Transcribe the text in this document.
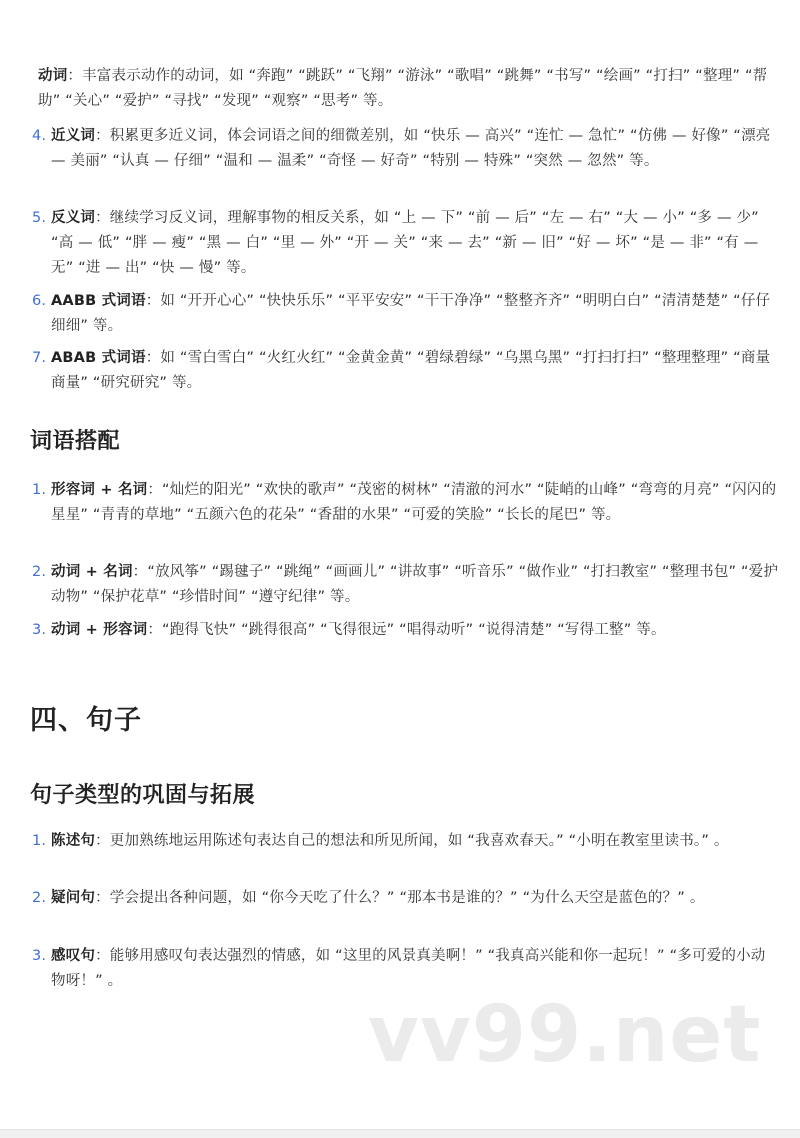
动词：丰富表示动作的动词，如 “奔跑” “跳跃” “飞翔” “游泳” “歌唱” “跳舞” “书写” “绘画” “打扫” “整理” “帮助” “关心” “爱护” “寻找” “发现” “观察” “思考” 等。
4. 近义词：积累更多近义词，体会词语之间的细微差别，如 “快乐 — 高兴” “连忙 — 急忙” “仿佛 — 好像” “漂亮 — 美丽” “认真 — 仔细” “温和 — 温柔” “奇怪 — 好奇” “特别 — 特殊” “突然 — 忽然” 等。
5. 反义词：继续学习反义词，理解事物的相反关系，如 “上 — 下” “前 — 后” “左 — 右” “大 — 小” “多 — 少” “高 — 低” “胖 — 瘦” “黑 — 白” “里 — 外” “开 — 关” “来 — 去” “新 — 旧” “好 — 坏” “是 — 非” “有 — 无” “进 — 出” “快 — 慢” 等。
6. AABB 式词语：如 “开开心心” “快快乐乐” “平平安安” “干干净净” “整整齐齐” “明明白白” “清清楚楚” “仔仔细细” 等。
7. ABAB 式词语：如 “雪白雪白” “火红火红” “金黄金黄” “碧绿碧绿” “乌黑乌黑” “打扫打扫” “整理整理” “商量商量” “研究研究” 等。
词语搭配
1. 形容词 + 名词：“灿烂的阳光” “欢快的歌声” “茂密的树林” “清澈的河水” “陡峭的山峰” “弯弯的月亮” “闪闪的星星” “青青的草地” “五颜六色的花朵” “香甜的水果” “可爱的笑脸” “长长的尾巴” 等。
2. 动词 + 名词：“放风筝” “踢毽子” “跳绳” “画画儿” “讲故事” “听音乐” “做作业” “打扫教室” “整理书包” “爱护动物” “保护花草” “珍惜时间” “遵守纪律” 等。
3. 动词 + 形容词：“跑得飞快” “跳得很高” “飞得很远” “唱得动听” “说得清楚” “写得工整” 等。
四、句子
句子类型的巩固与拓展
1. 陈述句：更加熟练地运用陈述句表达自己的想法和所见所闻，如 “我喜欢春天。” “小明在教室里读书。” 。
2. 疑问句：学会提出各种问题，如 “你今天吃了什么？” “那本书是谁的？” “为什么天空是蓝色的？” 。
3. 感叹句：能够用感叹句表达强烈的情感，如 “这里的风景真美啊！” “我真高兴能和你一起玩！” “多可爱的小动物呀！” 。
vv99.net
